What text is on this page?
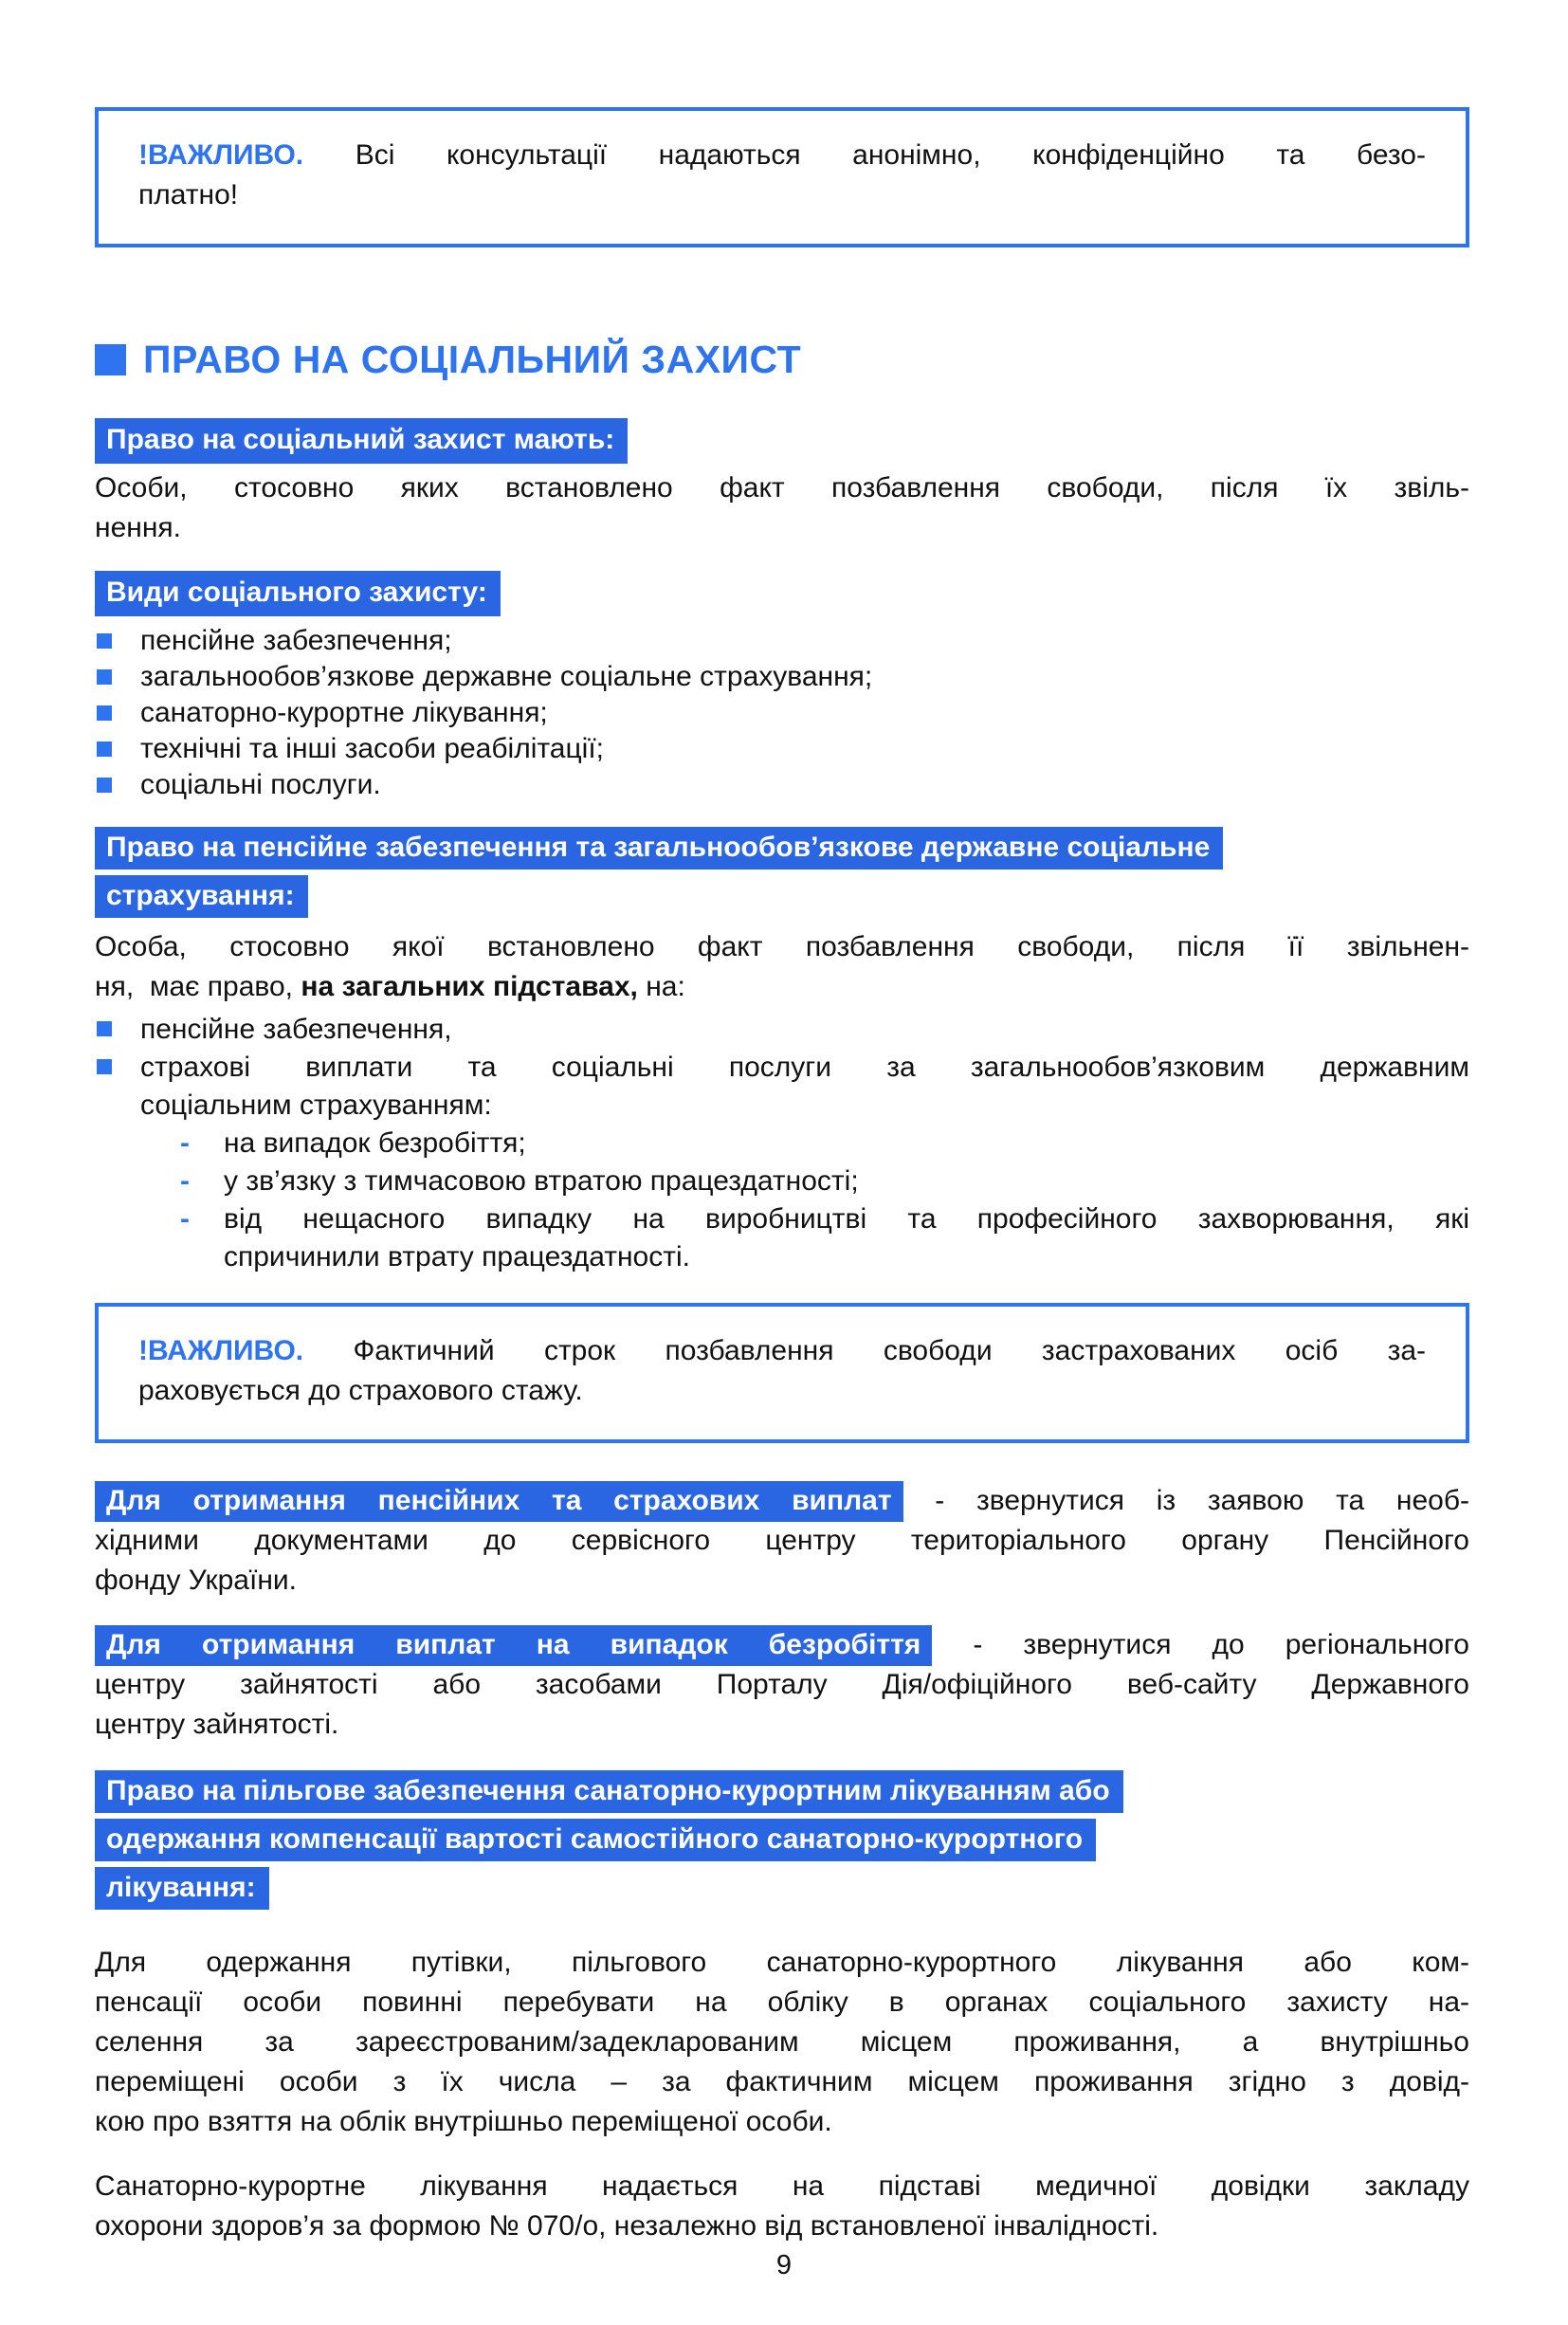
!ВАЖЛИВО. Всі консультації надаються анонімно, конфіденційно та безо-
платно!
ПРАВО НА СОЦІАЛЬНИЙ ЗАХИСТ
Право на соціальний захист мають:
Особи, стосовно яких встановлено факт позбавлення свободи, після їх звіль-
нення.
Види соціального захисту:
пенсійне забезпечення;
загальнообов’язкове державне соціальне страхування;
санаторно-курортне лікування;
технічні та інші засоби реабілітації;
соціальні послуги.
Право на пенсійне забезпечення та загальнообов’язкове державне соціальне
страхування:
Особа, стосовно якої встановлено факт позбавлення свободи, після її звільнен-
ня,  має право, на загальних підставах, на:
пенсійне забезпечення,
страхові виплати та соціальні послуги за загальнообов’язковим державним
соціальним страхуванням:
- на випадок безробіття;
- у зв’язку з тимчасовою втратою працездатності;
- від нещасного випадку на виробництві та професійного захворювання, які
спричинили втрату працездатності.
!ВАЖЛИВО. Фактичний строк позбавлення свободи застрахованих осіб за-
раховується до страхового стажу.
Для отримання пенсійних та страхових виплат - звернутися із заявою та необ-
хідними документами до сервісного центру територіального органу Пенсійного
фонду України.
Для отримання виплат на випадок безробіття - звернутися до регіонального
центру зайнятості або засобами Порталу Дія/офіційного веб-сайту Державного
центру зайнятості.
Право на пільгове забезпечення санаторно-курортним лікуванням або
одержання компенсації вартості самостійного санаторно-курортного
лікування:
Для одержання путівки, пільгового санаторно-курортного лікування або ком-
пенсації особи повинні перебувати на обліку в органах соціального захисту на-
селення за зареєстрованим/задекларованим місцем проживання, а внутрішньо
переміщені особи з їх числа – за фактичним місцем проживання згідно з довід-
кою про взяття на облік внутрішньо переміщеної особи.
Санаторно-курортне лікування надається на підставі медичної довідки закладу
охорони здоров’я за формою № 070/о, незалежно від встановленої інвалідності.
9
